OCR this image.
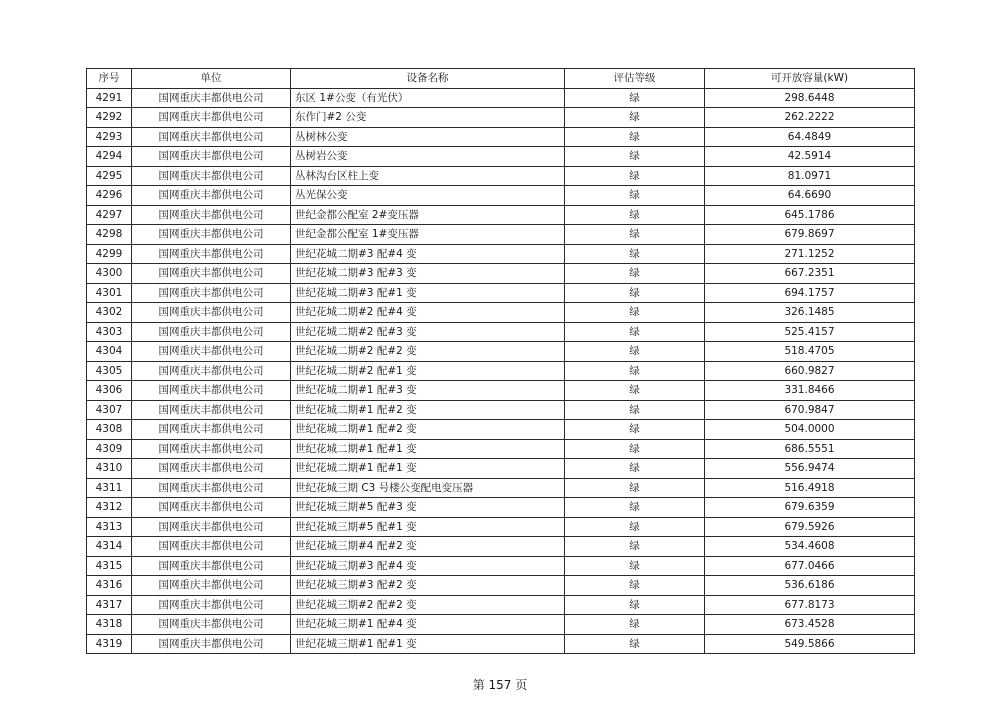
序号	单位	设备名称	评估等级	可开放容量(kW)
4291	国网重庆丰都供电公司	东区 1#公变（有光伏）	绿	298.6448
4292	国网重庆丰都供电公司	东作门#2 公变	绿	262.2222
4293	国网重庆丰都供电公司	丛树林公变	绿	64.4849
4294	国网重庆丰都供电公司	丛树岩公变	绿	42.5914
4295	国网重庆丰都供电公司	丛林沟台区柱上变	绿	81.0971
4296	国网重庆丰都供电公司	丛光保公变	绿	64.6690
4297	国网重庆丰都供电公司	世纪金都公配室 2#变压器	绿	645.1786
4298	国网重庆丰都供电公司	世纪金都公配室 1#变压器	绿	679.8697
4299	国网重庆丰都供电公司	世纪花城二期#3 配#4 变	绿	271.1252
4300	国网重庆丰都供电公司	世纪花城二期#3 配#3 变	绿	667.2351
4301	国网重庆丰都供电公司	世纪花城二期#3 配#1 变	绿	694.1757
4302	国网重庆丰都供电公司	世纪花城二期#2 配#4 变	绿	326.1485
4303	国网重庆丰都供电公司	世纪花城二期#2 配#3 变	绿	525.4157
4304	国网重庆丰都供电公司	世纪花城二期#2 配#2 变	绿	518.4705
4305	国网重庆丰都供电公司	世纪花城二期#2 配#1 变	绿	660.9827
4306	国网重庆丰都供电公司	世纪花城二期#1 配#3 变	绿	331.8466
4307	国网重庆丰都供电公司	世纪花城二期#1 配#2 变	绿	670.9847
4308	国网重庆丰都供电公司	世纪花城二期#1 配#2 变	绿	504.0000
4309	国网重庆丰都供电公司	世纪花城二期#1 配#1 变	绿	686.5551
4310	国网重庆丰都供电公司	世纪花城二期#1 配#1 变	绿	556.9474
4311	国网重庆丰都供电公司	世纪花城三期 C3 号楼公变配电变压器	绿	516.4918
4312	国网重庆丰都供电公司	世纪花城三期#5 配#3 变	绿	679.6359
4313	国网重庆丰都供电公司	世纪花城三期#5 配#1 变	绿	679.5926
4314	国网重庆丰都供电公司	世纪花城三期#4 配#2 变	绿	534.4608
4315	国网重庆丰都供电公司	世纪花城三期#3 配#4 变	绿	677.0466
4316	国网重庆丰都供电公司	世纪花城三期#3 配#2 变	绿	536.6186
4317	国网重庆丰都供电公司	世纪花城三期#2 配#2 变	绿	677.8173
4318	国网重庆丰都供电公司	世纪花城三期#1 配#4 变	绿	673.4528
4319	国网重庆丰都供电公司	世纪花城三期#1 配#1 变	绿	549.5866
第 157 页
